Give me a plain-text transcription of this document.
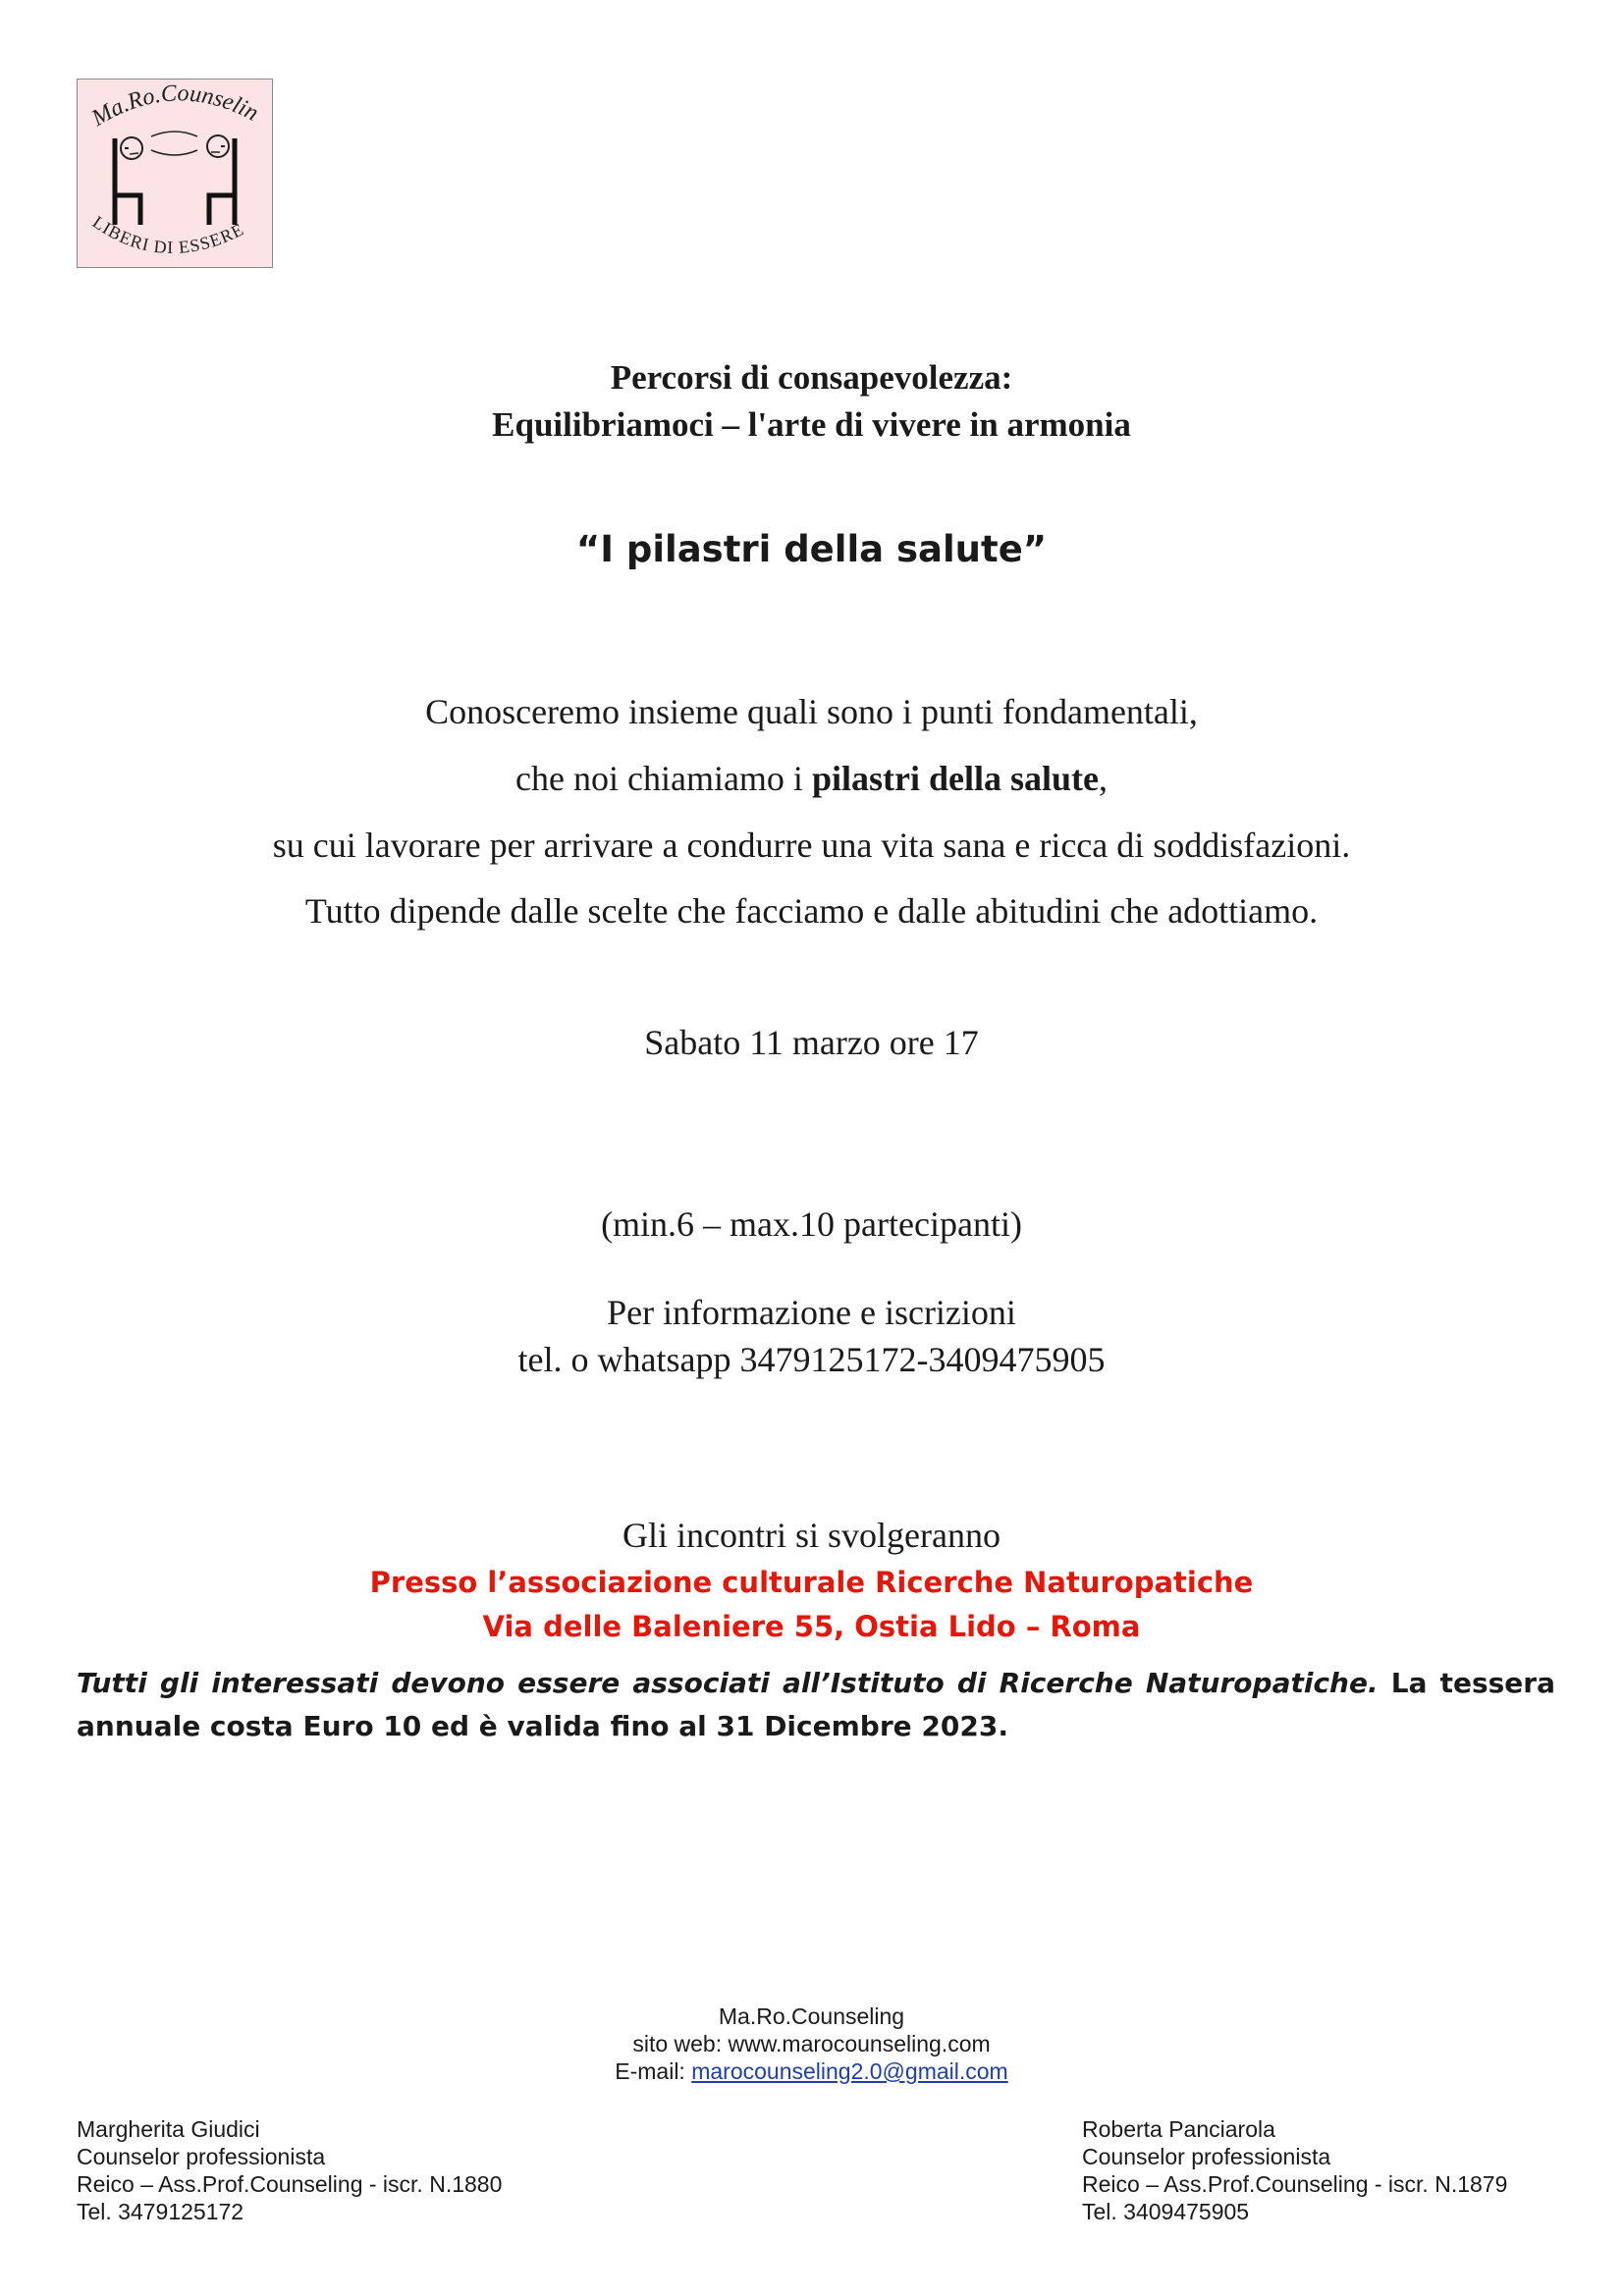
Ma.Ro.Counselin
LIBERI DI ESSERE
Percorsi di consapevolezza:
Equilibriamoci – l'arte di vivere in armonia
“I pilastri della salute”
Conosceremo insieme quali sono i punti fondamentali,
che noi chiamiamo i pilastri della salute,
su cui lavorare per arrivare a condurre una vita sana e ricca di soddisfazioni.
Tutto dipende dalle scelte che facciamo e dalle abitudini che adottiamo.
Sabato 11 marzo ore 17
(min.6 – max.10 partecipanti)
Per informazione e iscrizioni
tel. o whatsapp 3479125172-3409475905
Gli incontri si svolgeranno
Presso l’associazione culturale Ricerche Naturopatiche
Via delle Baleniere 55, Ostia Lido – Roma
Tutti gli interessati devono essere associati all’Istituto di Ricerche Naturopatiche. La tessera annuale costa Euro 10 ed è valida fino al 31 Dicembre 2023.
Ma.Ro.Counseling
sito web: www.marocounseling.com
E-mail: marocounseling2.0@gmail.com
Margherita Giudici
Counselor professionista
Reico – Ass.Prof.Counseling - iscr. N.1880
Tel. 3479125172
Roberta Panciarola
Counselor professionista
Reico – Ass.Prof.Counseling - iscr. N.1879
Tel. 3409475905
